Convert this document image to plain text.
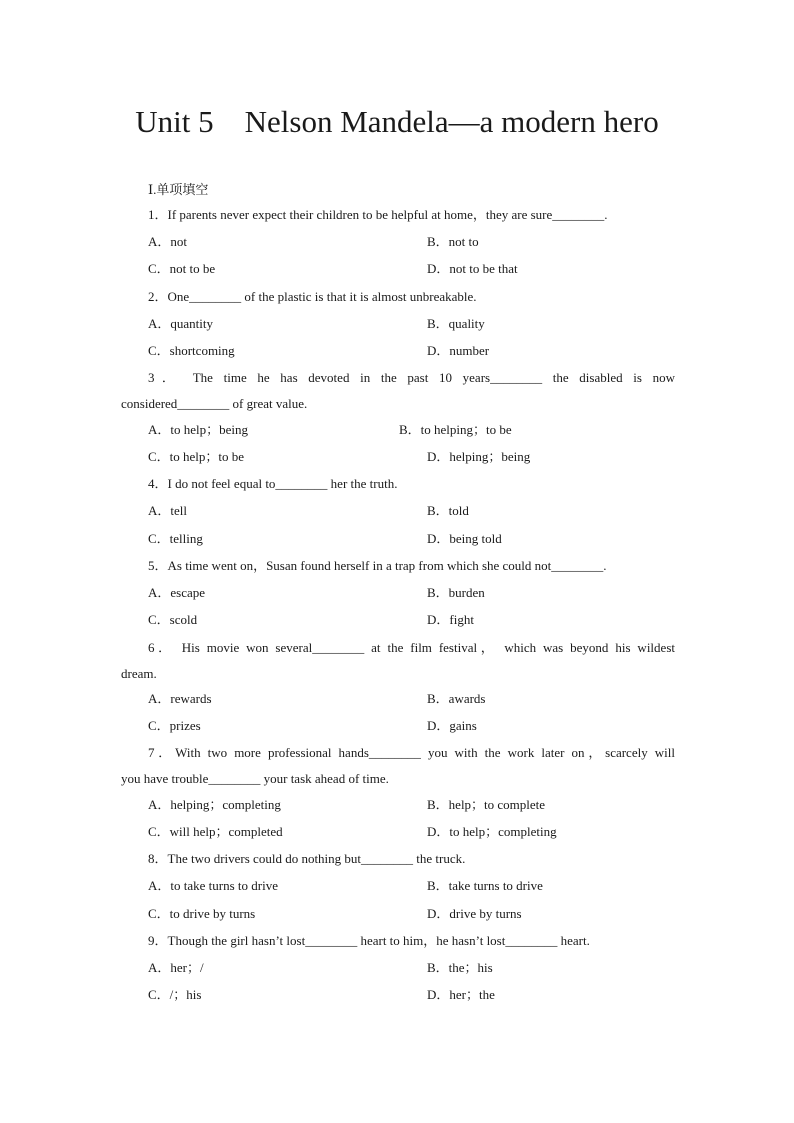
Unit 5　Nelson Mandela—a modern hero
Ⅰ.单项填空
1．If parents never expect their children to be helpful at home，they are sure________.
A．not	B．not to
C．not to be	D．not to be that
2．One________ of the plastic is that it is almost unbreakable.
A．quantity	B．quality
C．shortcoming	D．number
3． The time he has devoted in the past 10 years________ the disabled is now
considered________ of great value.
A．to help；being	B．to helping；to be
C．to help；to be	D．helping；being
4．I do not feel equal to________ her the truth.
A．tell	B．told
C．telling	D．being told
5．As time went on，Susan found herself in a trap from which she could not________.
A．escape	B．burden
C．scold	D．fight
6． His movie won several________ at the film festival， which was beyond his wildest
dream.
A．rewards	B．awards
C．prizes	D．gains
7．With two more professional hands________ you with the work later on，scarcely will
you have trouble________ your task ahead of time.
A．helping；completing	B．help；to complete
C．will help；completed	D．to help；completing
8．The two drivers could do nothing but________ the truck.
A．to take turns to drive	B．take turns to drive
C．to drive by turns	D．drive by turns
9．Though the girl hasn’t lost________ heart to him，he hasn’t lost________ heart.
A．her；/	B．the；his
C．/；his	D．her；the
